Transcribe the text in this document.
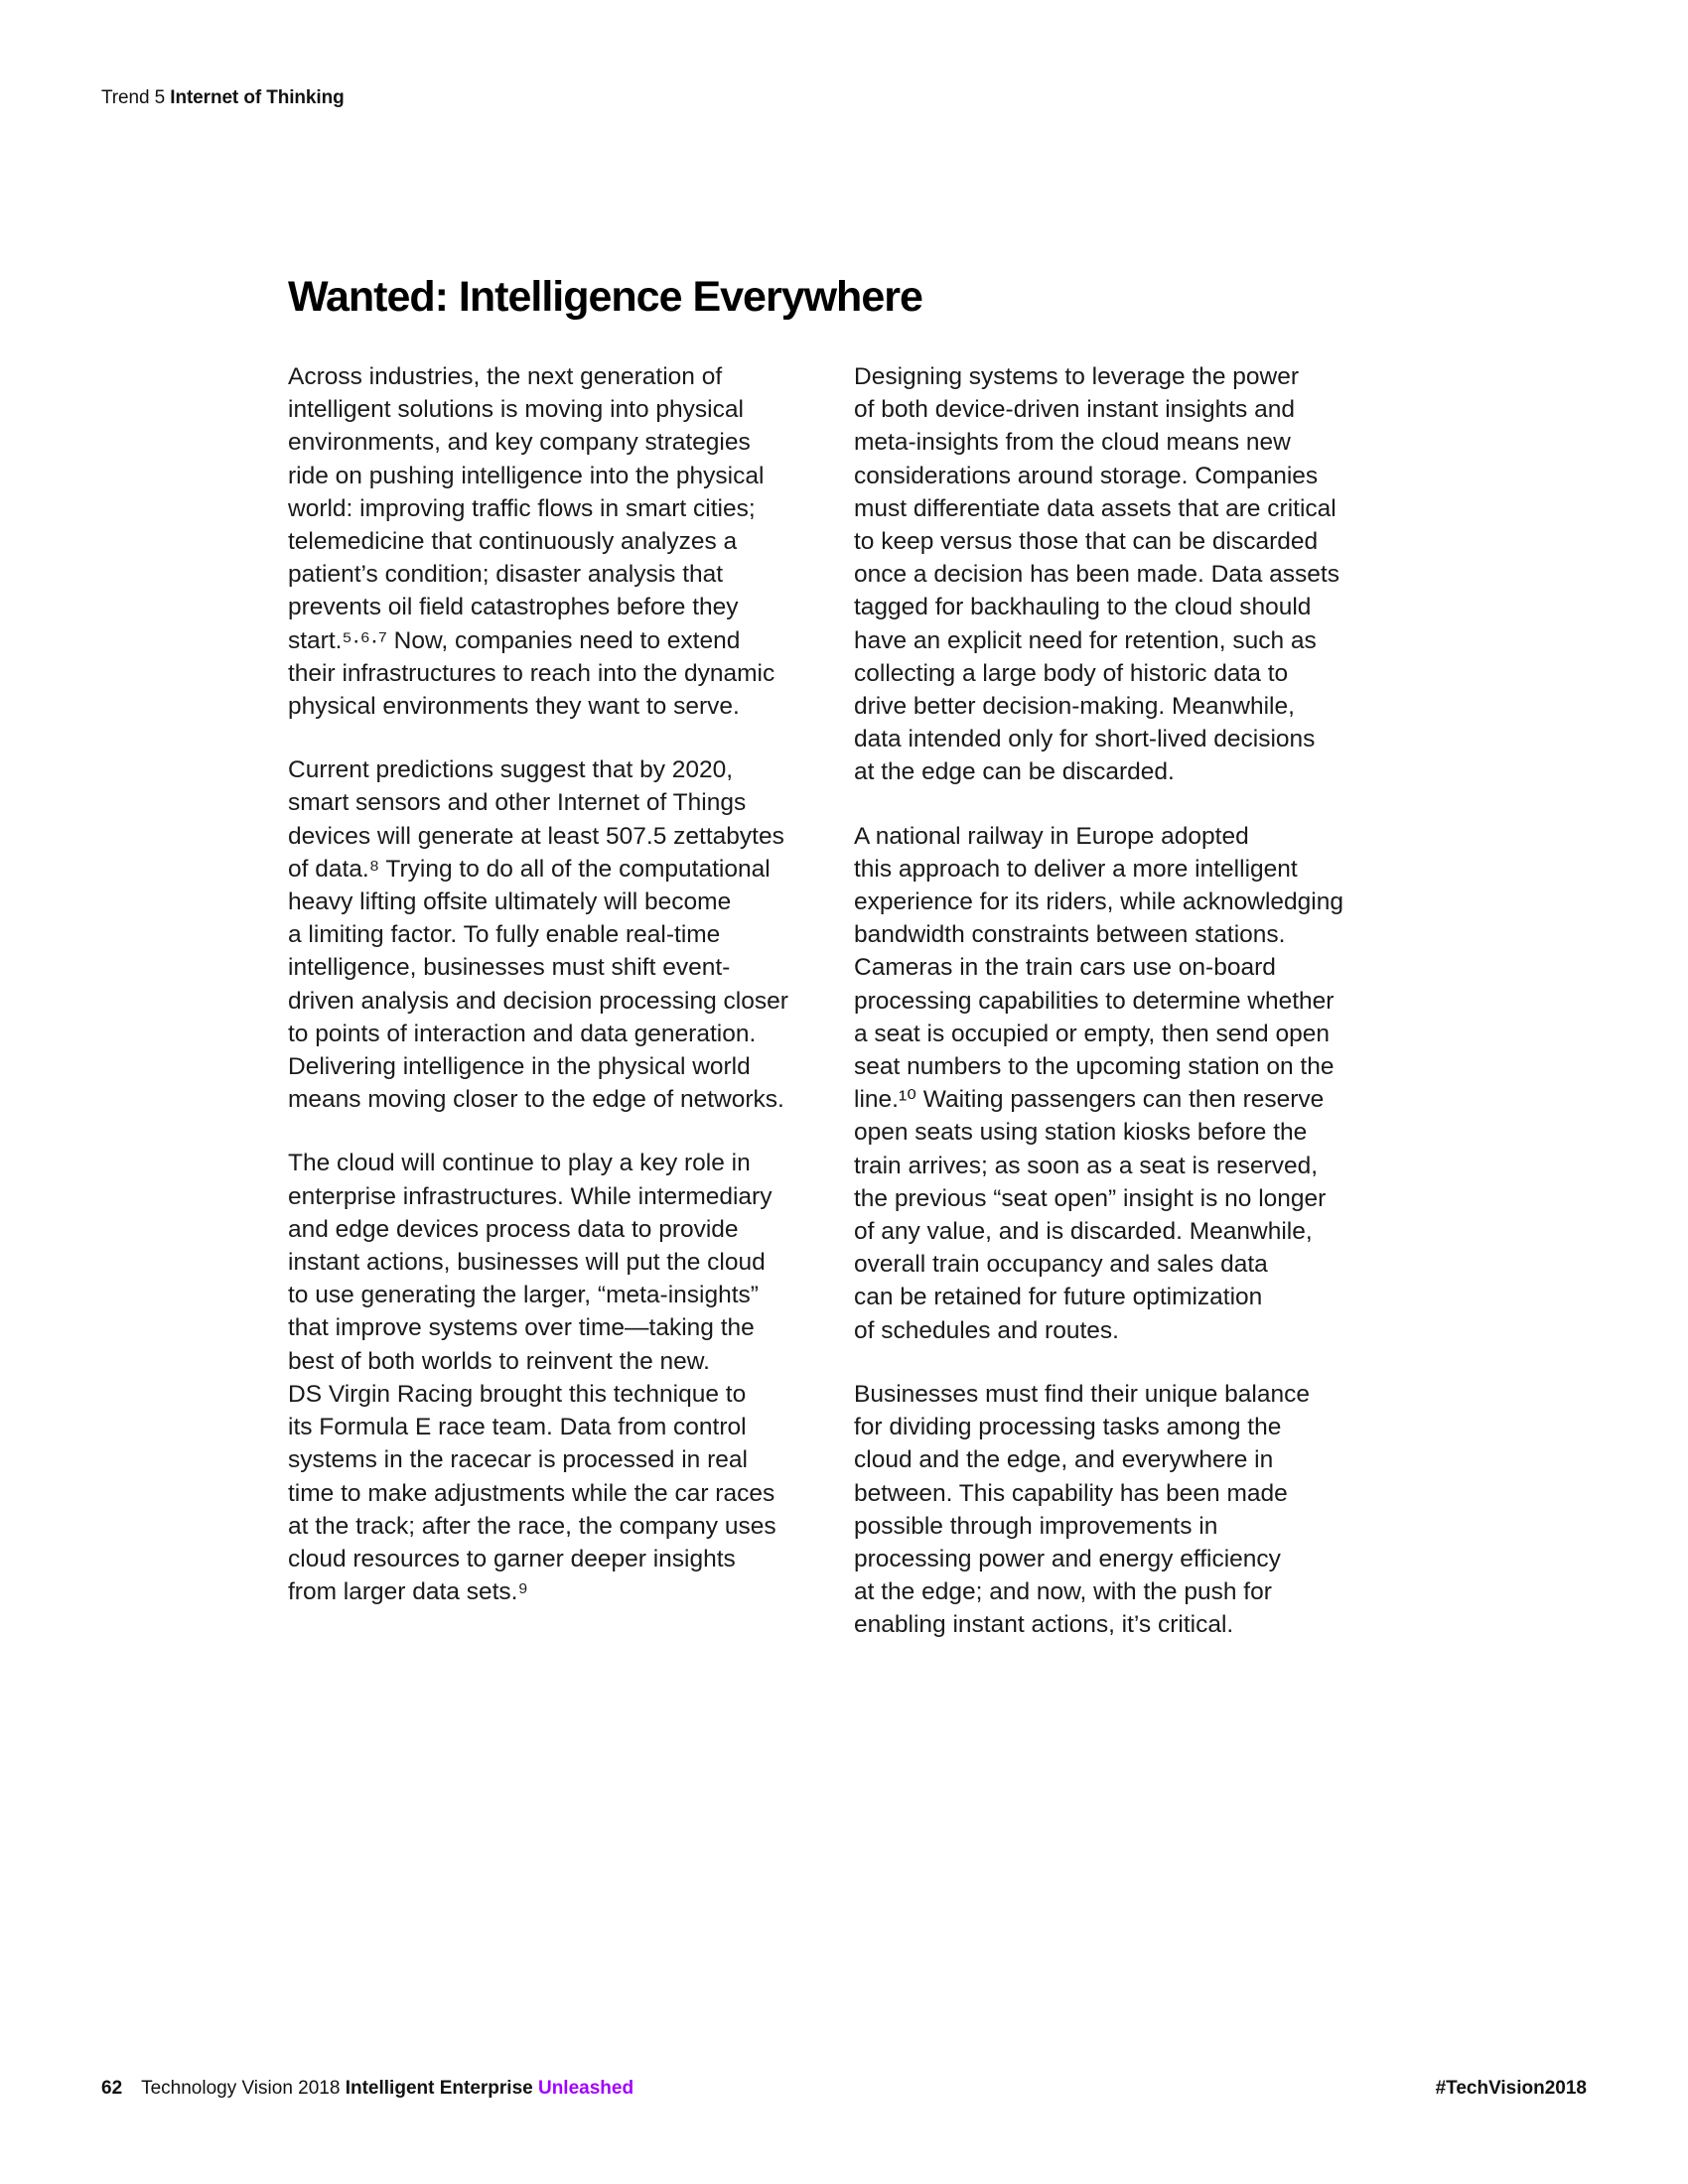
Trend 5 Internet of Thinking
Wanted: Intelligence Everywhere

Across industries, the next generation of
intelligent solutions is moving into physical
environments, and key company strategies
ride on pushing intelligence into the physical
world: improving traffic flows in smart cities;
telemedicine that continuously analyzes a
patient’s condition; disaster analysis that
prevents oil field catastrophes before they
start.⁵·⁶·⁷ Now, companies need to extend
their infrastructures to reach into the dynamic
physical environments they want to serve.

Current predictions suggest that by 2020,
smart sensors and other Internet of Things
devices will generate at least 507.5 zettabytes
of data.⁸ Trying to do all of the computational
heavy lifting offsite ultimately will become
a limiting factor. To fully enable real-time
intelligence, businesses must shift event-
driven analysis and decision processing closer
to points of interaction and data generation.
Delivering intelligence in the physical world
means moving closer to the edge of networks.

The cloud will continue to play a key role in
enterprise infrastructures. While intermediary
and edge devices process data to provide
instant actions, businesses will put the cloud
to use generating the larger, “meta-insights”
that improve systems over time—taking the
best of both worlds to reinvent the new.

DS Virgin Racing brought this technique to
its Formula E race team. Data from control
systems in the racecar is processed in real
time to make adjustments while the car races
at the track; after the race, the company uses
cloud resources to garner deeper insights
from larger data sets.⁹

Designing systems to leverage the power
of both device-driven instant insights and
meta-insights from the cloud means new
considerations around storage. Companies
must differentiate data assets that are critical
to keep versus those that can be discarded
once a decision has been made. Data assets
tagged for backhauling to the cloud should
have an explicit need for retention, such as
collecting a large body of historic data to
drive better decision-making. Meanwhile,
data intended only for short-lived decisions
at the edge can be discarded.

A national railway in Europe adopted
this approach to deliver a more intelligent
experience for its riders, while acknowledging
bandwidth constraints between stations.
Cameras in the train cars use on-board
processing capabilities to determine whether
a seat is occupied or empty, then send open
seat numbers to the upcoming station on the
line.¹⁰ Waiting passengers can then reserve
open seats using station kiosks before the
train arrives; as soon as a seat is reserved,
the previous “seat open” insight is no longer
of any value, and is discarded. Meanwhile,
overall train occupancy and sales data
can be retained for future optimization
of schedules and routes.

Businesses must find their unique balance
for dividing processing tasks among the
cloud and the edge, and everywhere in
between. This capability has been made
possible through improvements in
processing power and energy efficiency
at the edge; and now, with the push for
enabling instant actions, it’s critical.

62 Technology Vision 2018 Intelligent Enterprise Unleashed	#TechVision2018
